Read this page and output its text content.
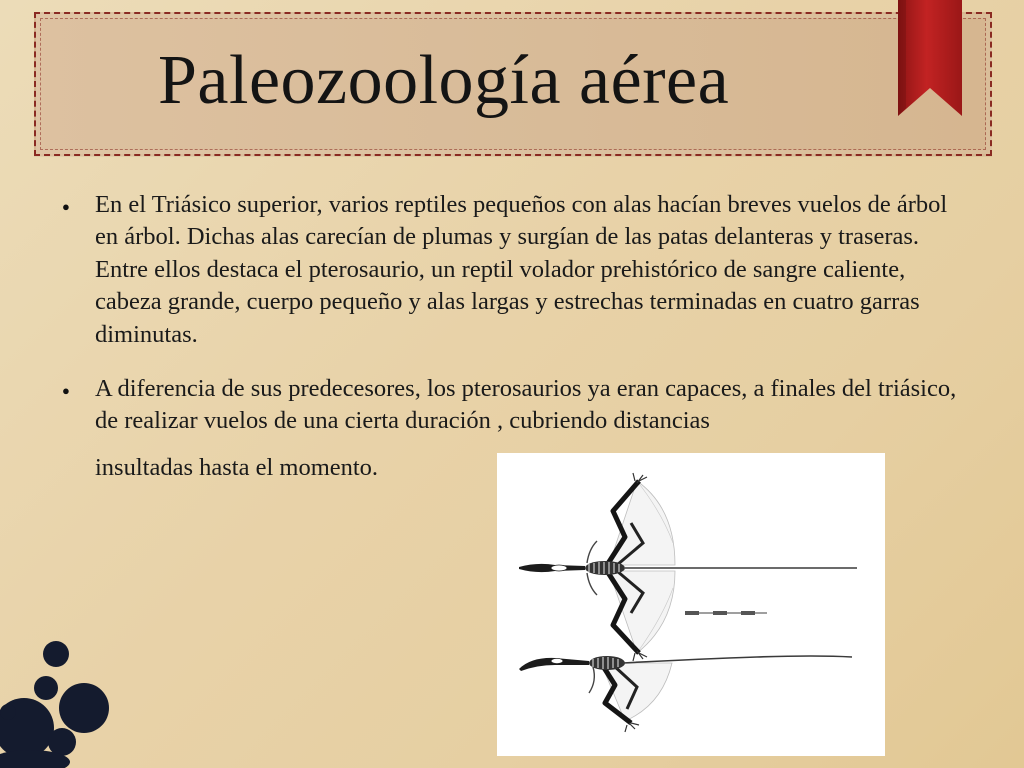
Paleozoología aérea
● En el Triásico superior, varios reptiles pequeños con alas hacían breves vuelos de árbol en árbol. Dichas alas carecían de plumas y surgían de las patas delanteras y traseras. Entre ellos destaca el pterosaurio, un reptil volador prehistórico de sangre caliente, cabeza grande, cuerpo pequeño y alas largas y estrechas terminadas en cuatro garras diminutas.
● A diferencia de sus predecesores, los pterosaurios ya eran capaces, a finales del triásico, de realizar vuelos de una cierta duración , cubriendo distancias
insultadas hasta el momento.
